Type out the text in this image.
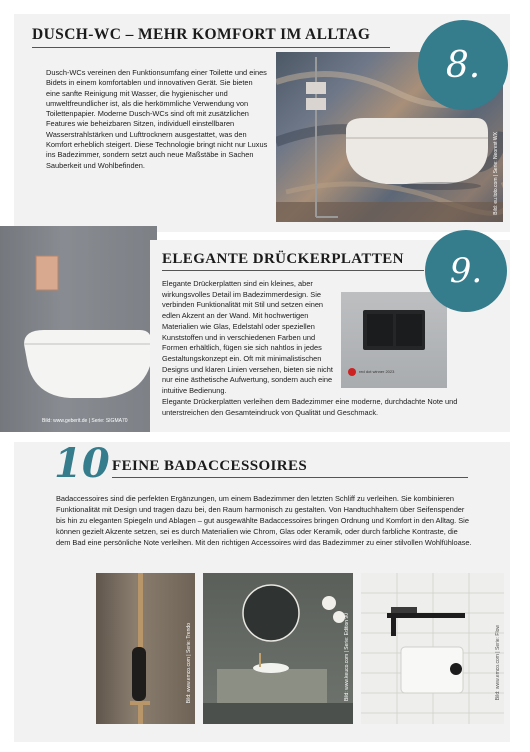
DUSCH-WC – MEHR KOMFORT IM ALLTAG
Dusch-WCs vereinen den Funktionsumfang einer Toilette und eines Bidets in einem komfortablen und innovativen Gerät. Sie bieten eine sanfte Reinigung mit Wasser, die hygienischer und umweltfreundlicher ist, als die herkömmliche Verwendung von Toilettenpapier. Moderne Dusch-WCs sind oft mit zusätzlichen Features wie beheizbaren Sitzen, individuell einstellbaren Wasserstrahlstärken und Lufttrocknern ausgestattet, was den Komfort erheblich steigert. Diese Technologie bringt nicht nur Luxus ins Badezimmer, sondern setzt auch neue Maßstäbe in Sachen Sauberkeit und Wohlbefinden.	Bild: eu.toto.com | Serie: Neorest WX
8.
Bild: www.geberit.de | Serie: SIGMA70
ELEGANTE DRÜCKERPLATTEN
Elegante Drückerplatten sind ein kleines, aber wirkungsvolles Detail im Badezimmerdesign. Sie verbinden Funktionalität mit Stil und setzen einen edlen Akzent an der Wand. Mit hochwertigen Materialien wie Glas, Edelstahl oder speziellen Kunststoffen und in verschiedenen Farben und Formen erhältlich, fügen sie sich nahtlos in jedes Gestaltungskonzept ein. Oft mit minimalistischen Designs und klaren Linien versehen, bieten sie nicht nur eine ästhetische Aufwertung, sondern auch eine intuitive Bedienung.
Elegante Drückerplatten verleihen dem Badezimmer eine moderne, durchdachte Note und unterstreichen den Gesamteindruck von Qualität und Geschmack.
red dot winner 2023
9.
10 FEINE BADACCESSOIRES
Badaccessoires sind die perfekten Ergänzungen, um einem Badezimmer den letzten Schliff zu verleihen. Sie kombinieren Funktionalität mit Design und tragen dazu bei, den Raum harmonisch zu gestalten. Von Handtuchhaltern über Seifenspender bis hin zu eleganten Spiegeln und Ablagen – gut ausgewählte Badaccessoires bringen Ordnung und Komfort in den Alltag. Sie können gezielt Akzente setzen, sei es durch Materialien wie Chrom, Glas oder Keramik, oder durch farbliche Kontraste, die dem Bad eine persönliche Note verleihen. Mit den richtigen Accessoires wird das Badezimmer zu einer stilvollen Wohlfühloase.
Bild: www.emco.com | Serie: Trendo	Bild: www.keuco.com | Serie: Edition 90	Bild: www.emco.com | Serie: Flow
